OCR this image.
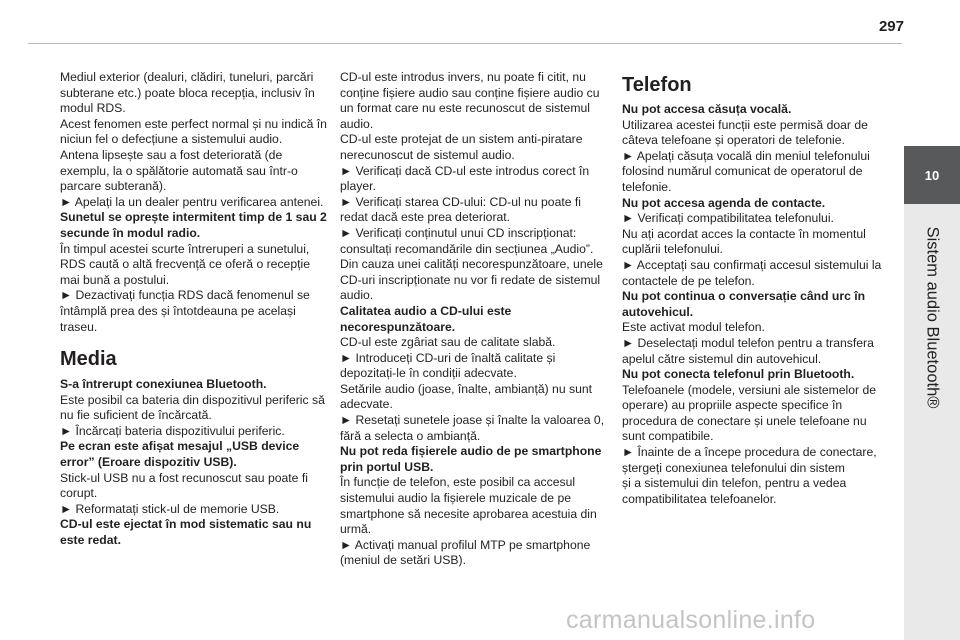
297
10
Sistem audio Bluetooth®

Mediul exterior (dealuri, clădiri, tuneluri, parcări subterane etc.) poate bloca recepția, inclusiv în modul RDS.

Acest fenomen este perfect normal și nu indică în niciun fel o defecțiune a sistemului audio.

Antena lipsește sau a fost deteriorată (de exemplu, la o spălătorie automată sau într-o parcare subterană).

► Apelați la un dealer pentru verificarea antenei.

Sunetul se oprește intermitent timp de 1 sau 2 secunde în modul radio.

În timpul acestei scurte întreruperi a sunetului, RDS caută o altă frecvență ce oferă o recepție mai bună a postului.

► Dezactivați funcția RDS dacă fenomenul se întâmplă prea des și întotdeauna pe același traseu.

Media

S-a întrerupt conexiunea Bluetooth.

Este posibil ca bateria din dispozitivul periferic să nu fie suficient de încărcată.

► Încărcați bateria dispozitivului periferic.

Pe ecran este afișat mesajul „USB device error” (Eroare dispozitiv USB).

Stick-ul USB nu a fost recunoscut sau poate fi corupt.

► Reformatați stick-ul de memorie USB.

CD-ul este ejectat în mod sistematic sau nu este redat.

CD-ul este introdus invers, nu poate fi citit, nu conține fișiere audio sau conține fișiere audio cu un format care nu este recunoscut de sistemul audio.

CD-ul este protejat de un sistem anti-piratare nerecunoscut de sistemul audio.

► Verificați dacă CD-ul este introdus corect în player.

► Verificați starea CD-ului: CD-ul nu poate fi redat dacă este prea deteriorat.

► Verificați conținutul unui CD inscripționat: consultați recomandările din secțiunea „Audio”.

Din cauza unei calități necorespunzătoare, unele CD-uri inscripționate nu vor fi redate de sistemul audio.

Calitatea audio a CD-ului este necorespunzătoare.

CD-ul este zgâriat sau de calitate slabă.

► Introduceți CD-uri de înaltă calitate și depozitați-le în condiții adecvate.

Setările audio (joase, înalte, ambianță) nu sunt adecvate.

► Resetați sunetele joase și înalte la valoarea 0, fără a selecta o ambianță.

Nu pot reda fișierele audio de pe smartphone prin portul USB.

În funcție de telefon, este posibil ca accesul sistemului audio la fișierele muzicale de pe smartphone să necesite aprobarea acestuia din urmă.

► Activați manual profilul MTP pe smartphone (meniul de setări USB).

Telefon

Nu pot accesa căsuța vocală.

Utilizarea acestei funcții este permisă doar de câteva telefoane și operatori de telefonie.

► Apelați căsuța vocală din meniul telefonului folosind numărul comunicat de operatorul de telefonie.

Nu pot accesa agenda de contacte.

► Verificați compatibilitatea telefonului.

Nu ați acordat acces la contacte în momentul cuplării telefonului.

► Acceptați sau confirmați accesul sistemului la contactele de pe telefon.

Nu pot continua o conversație când urc în autovehicul.

Este activat modul telefon.

► Deselectați modul telefon pentru a transfera apelul către sistemul din autovehicul.

Nu pot conecta telefonul prin Bluetooth.

Telefoanele (modele, versiuni ale sistemelor de operare) au propriile aspecte specifice în procedura de conectare și unele telefoane nu sunt compatibile.

► Înainte de a începe procedura de conectare, ștergeți conexiunea telefonului din sistem

și a sistemului din telefon, pentru a vedea compatibilitatea telefoanelor.

carmanualsonline.info
